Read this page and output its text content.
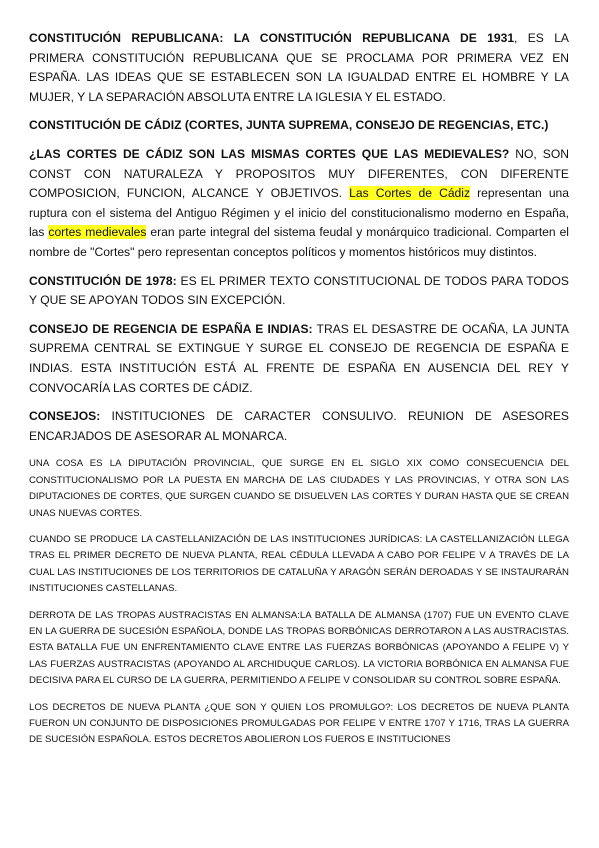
CONSTITUCIÓN REPUBLICANA: LA CONSTITUCIÓN REPUBLICANA DE 1931, ES LA PRIMERA CONSTITUCIÓN REPUBLICANA QUE SE PROCLAMA POR PRIMERA VEZ EN ESPAÑA. LAS IDEAS QUE SE ESTABLECEN SON LA IGUALDAD ENTRE EL HOMBRE Y LA MUJER, Y LA SEPARACIÓN ABSOLUTA ENTRE LA IGLESIA Y EL ESTADO.

CONSTITUCIÓN DE CÁDIZ (CORTES, JUNTA SUPREMA, CONSEJO DE REGENCIAS, ETC.)

¿LAS CORTES DE CÁDIZ SON LAS MISMAS CORTES QUE LAS MEDIEVALES? NO, SON CONST CON NATURALEZA Y PROPOSITOS MUY DIFERENTES, CON DIFERENTE COMPOSICION, FUNCION, ALCANCE Y OBJETIVOS. Las Cortes de Cádiz representan una ruptura con el sistema del Antiguo Régimen y el inicio del constitucionalismo moderno en España, las cortes medievales eran parte integral del sistema feudal y monárquico tradicional. Comparten el nombre de "Cortes" pero representan conceptos políticos y momentos históricos muy distintos.

CONSTITUCIÓN DE 1978: ES EL PRIMER TEXTO CONSTITUCIONAL DE TODOS PARA TODOS Y QUE SE APOYAN TODOS SIN EXCEPCIÓN.

CONSEJO DE REGENCIA DE ESPAÑA E INDIAS: TRAS EL DESASTRE DE OCAÑA, LA JUNTA SUPREMA CENTRAL SE EXTINGUE Y SURGE EL CONSEJO DE REGENCIA DE ESPAÑA E INDIAS. ESTA INSTITUCIÓN ESTÁ AL FRENTE DE ESPAÑA EN AUSENCIA DEL REY Y CONVOCARÍA LAS CORTES DE CÁDIZ.

CONSEJOS: INSTITUCIONES DE CARACTER CONSULIVO. REUNION DE ASESORES ENCARJADOS DE ASESORAR AL MONARCA.

UNA COSA ES LA DIPUTACIÓN PROVINCIAL, QUE SURGE EN EL SIGLO XIX COMO CONSECUENCIA DEL CONSTITUCIONALISMO POR LA PUESTA EN MARCHA DE LAS CIUDADES Y LAS PROVINCIAS, Y OTRA SON LAS DIPUTACIONES DE CORTES, QUE SURGEN CUANDO SE DISUELVEN LAS CORTES Y DURAN HASTA QUE SE CREAN UNAS NUEVAS CORTES.

CUANDO SE PRODUCE LA CASTELLANIZACIÓN DE LAS INSTITUCIONES JURÍDICAS: LA CASTELLANIZACIÓN LLEGA TRAS EL PRIMER DECRETO DE NUEVA PLANTA, REAL CÉDULA LLEVADA A CABO POR FELIPE V A TRAVÉS DE LA CUAL LAS INSTITUCIONES DE LOS TERRITORIOS DE CATALUÑA Y ARAGÓN SERÁN DEROADAS Y SE INSTAURARÁN INSTITUCIONES CASTELLANAS.

DERROTA DE LAS TROPAS AUSTRACISTAS EN ALMANSA:LA BATALLA DE ALMANSA (1707) FUE UN EVENTO CLAVE EN LA GUERRA DE SUCESIÓN ESPAÑOLA, DONDE LAS TROPAS BORBÓNICAS DERROTARON A LAS AUSTRACISTAS. ESTA BATALLA FUE UN ENFRENTAMIENTO CLAVE ENTRE LAS FUERZAS BORBÓNICAS (APOYANDO A FELIPE V) Y LAS FUERZAS AUSTRACISTAS (APOYANDO AL ARCHIDUQUE CARLOS). LA VICTORIA BORBÓNICA EN ALMANSA FUE DECISIVA PARA EL CURSO DE LA GUERRA, PERMITIENDO A FELIPE V CONSOLIDAR SU CONTROL SOBRE ESPAÑA.

LOS DECRETOS DE NUEVA PLANTA ¿QUE SON Y QUIEN LOS PROMULGO?: LOS DECRETOS DE NUEVA PLANTA FUERON UN CONJUNTO DE DISPOSICIONES PROMULGADAS POR FELIPE V ENTRE 1707 Y 1716, TRAS LA GUERRA DE SUCESIÓN ESPAÑOLA. ESTOS DECRETOS ABOLIERON LOS FUEROS E INSTITUCIONES
